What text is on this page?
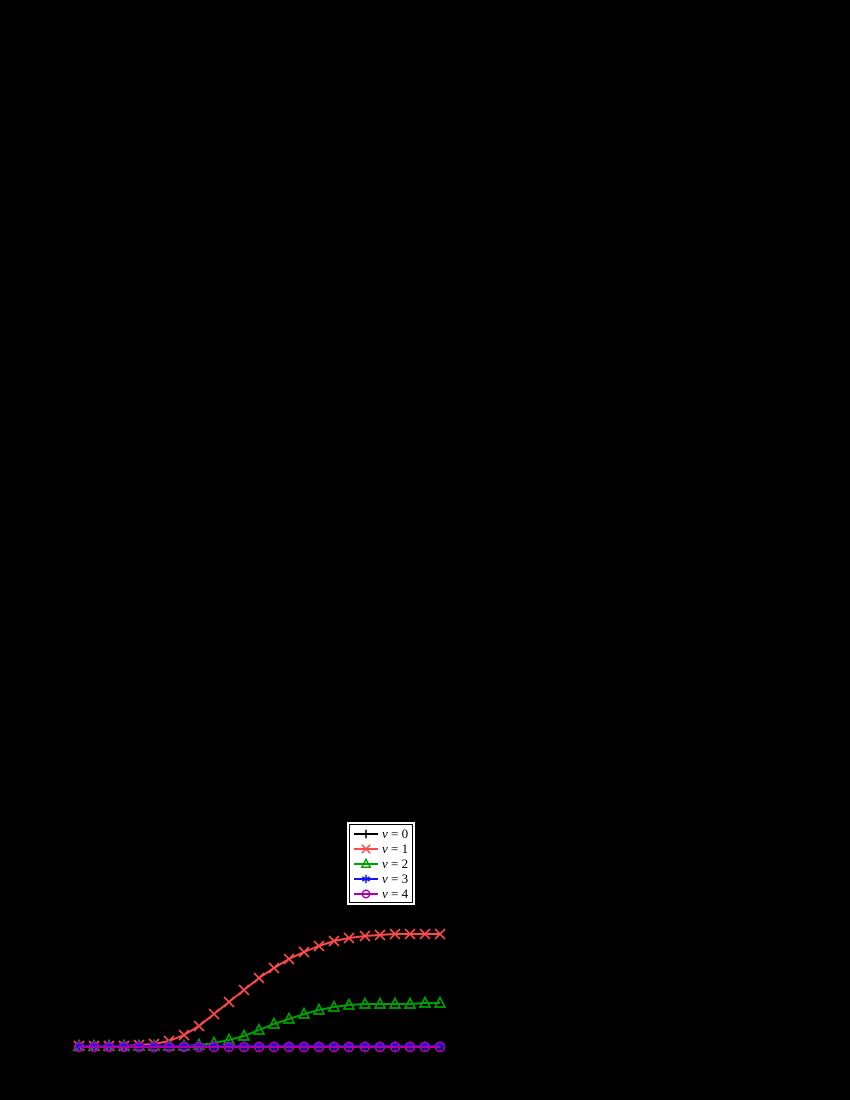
ν = 0
ν = 1
ν = 2
ν = 3
ν = 4
